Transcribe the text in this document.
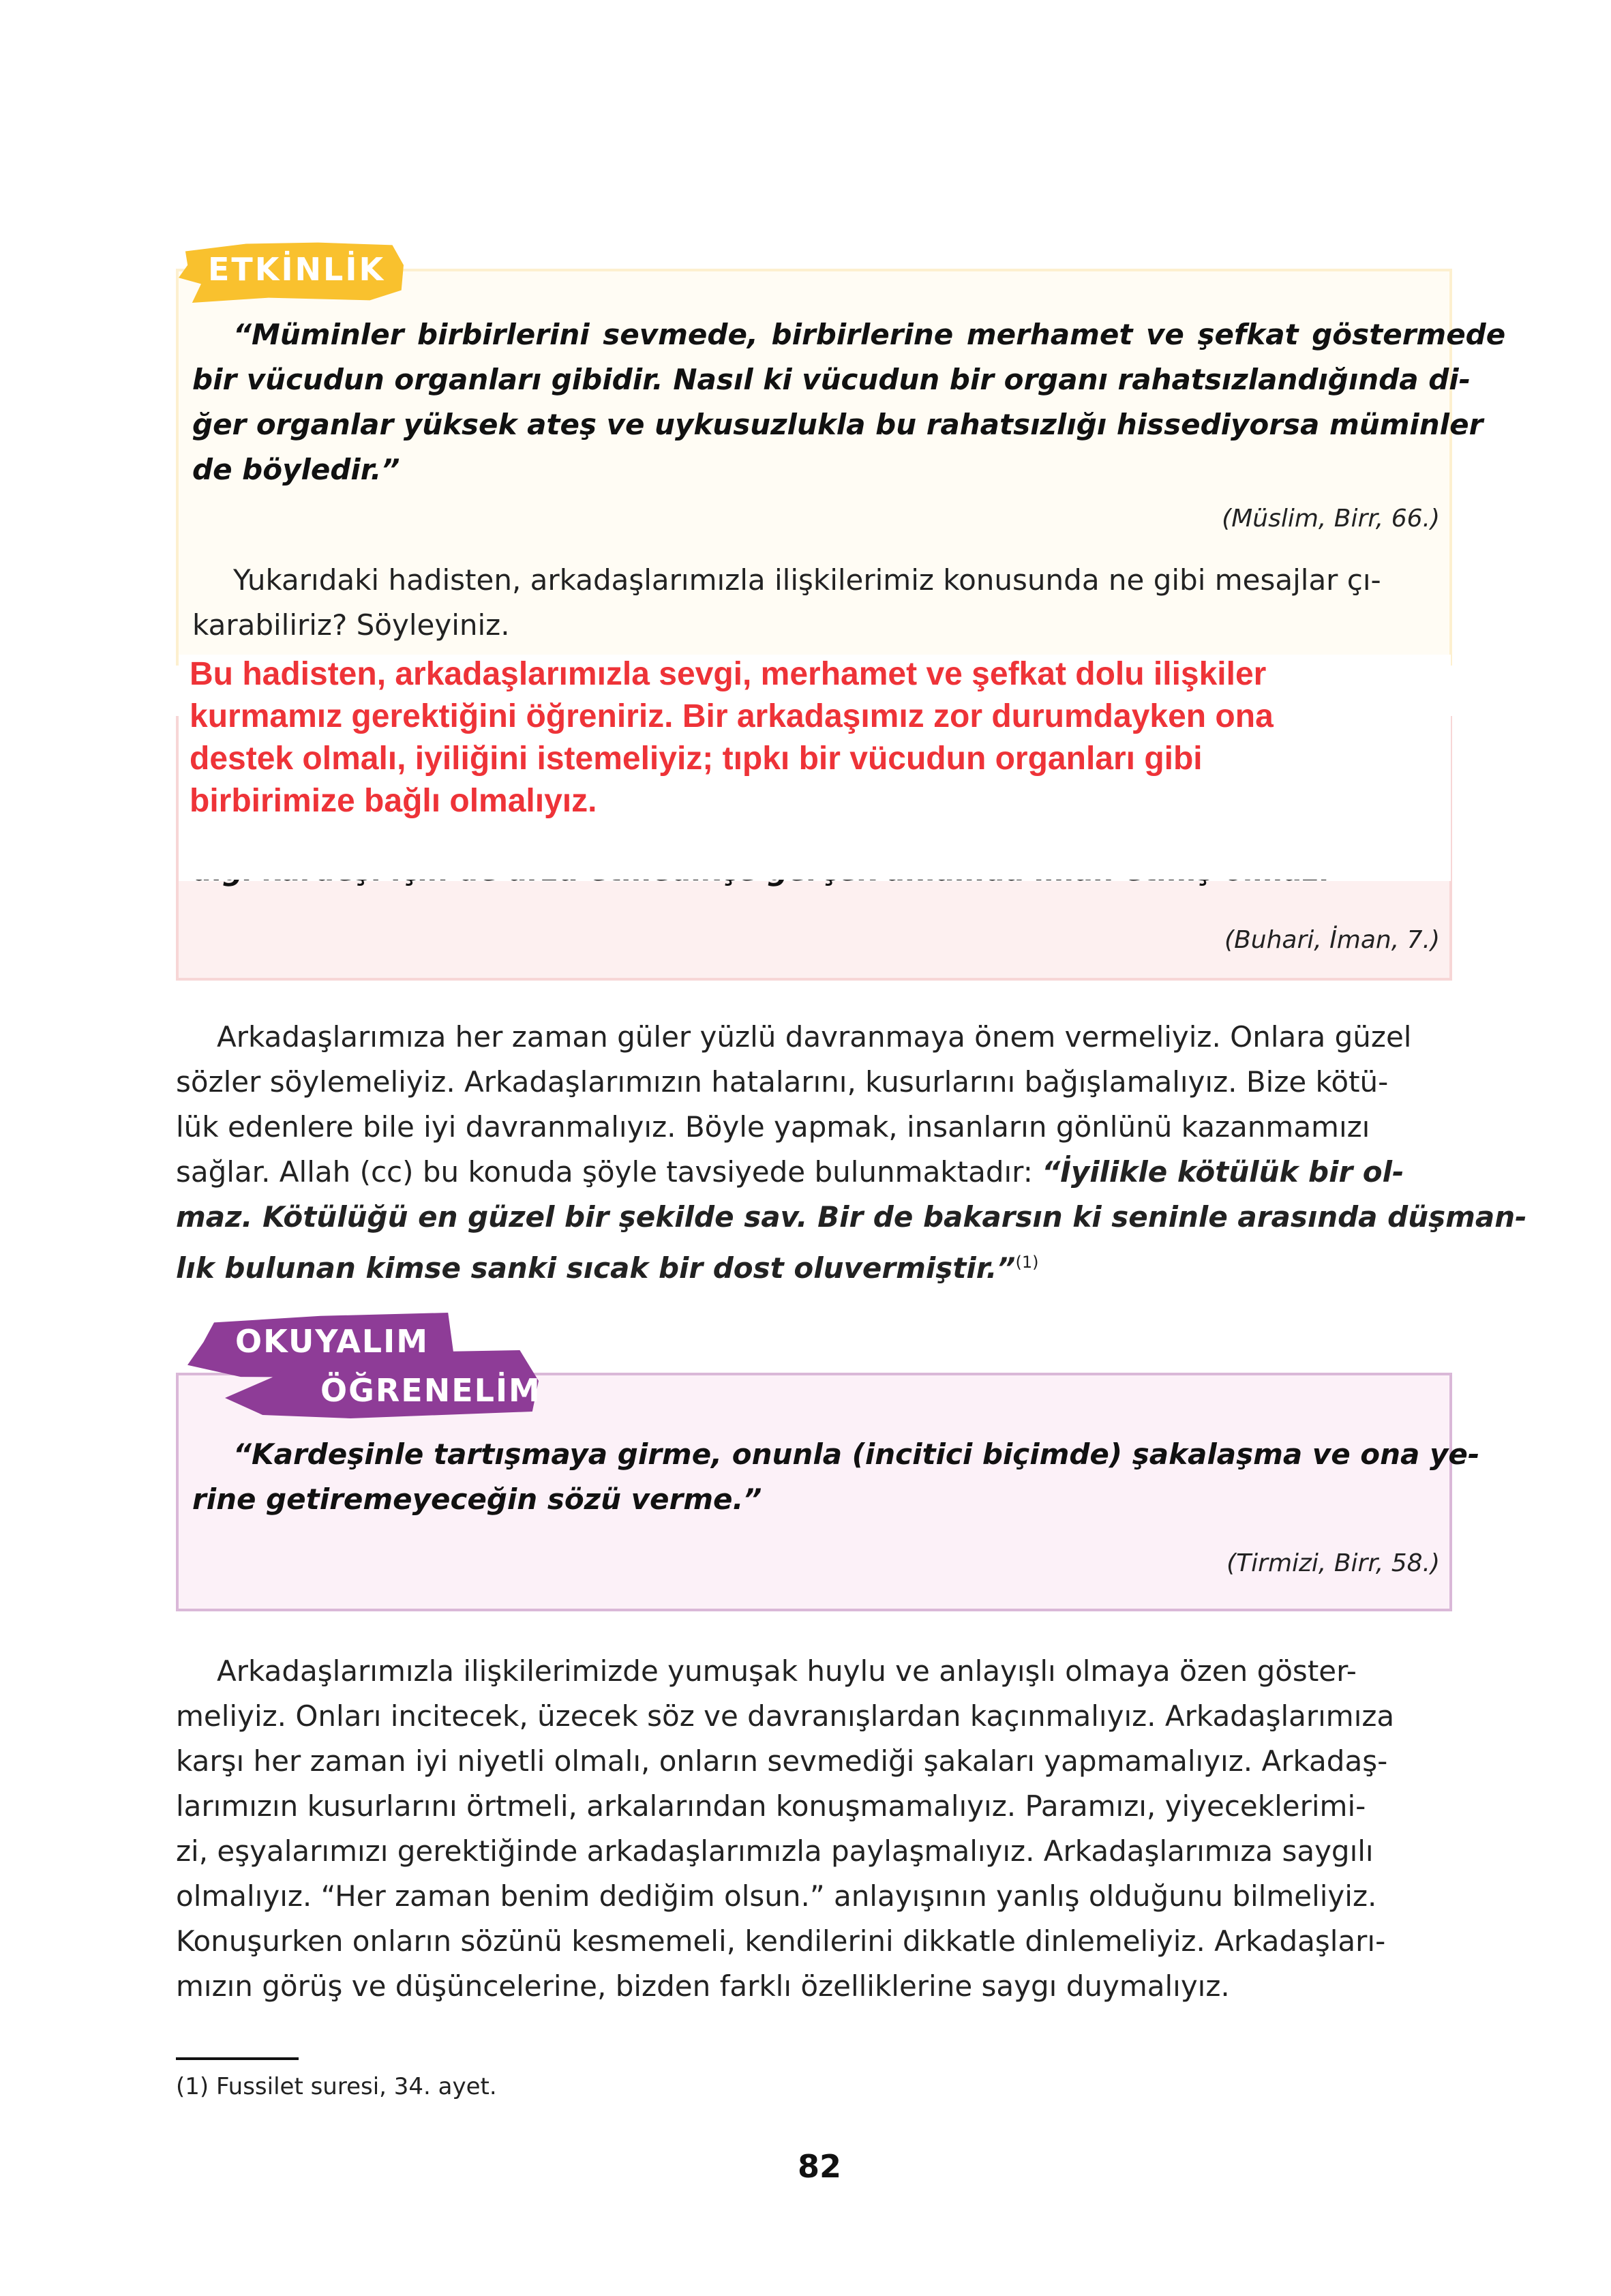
ETKİNLİK
“Müminler birbirlerini sevmede, birbirlerine merhamet ve şefkat göstermede
bir vücudun organları gibidir. Nasıl ki vücudun bir organı rahatsızlandığında di-
ğer organlar yüksek ateş ve uykusuzlukla bu rahatsızlığı hissediyorsa müminler
de böyledir.”
(Müslim, Birr, 66.)
Yukarıdaki hadisten, arkadaşlarımızla ilişkilerimiz konusunda ne gibi mesajlar çı-
karabiliriz? Söyleyiniz.
(Buhari, İman, 7.)
Bu hadisten, arkadaşlarımızla sevgi, merhamet ve şefkat dolu ilişkiler
kurmamız gerektiğini öğreniriz. Bir arkadaşımız zor durumdayken ona
destek olmalı, iyiliğini istemeliyiz; tıpkı bir vücudun organları gibi
birbirimize bağlı olmalıyız.
Arkadaşlarımıza her zaman güler yüzlü davranmaya önem vermeliyiz. Onlara güzel
sözler söylemeliyiz. Arkadaşlarımızın hatalarını, kusurlarını bağışlamalıyız. Bize kötü-
lük edenlere bile iyi davranmalıyız. Böyle yapmak, insanların gönlünü kazanmamızı
sağlar. Allah (cc) bu konuda şöyle tavsiyede bulunmaktadır: “İyilikle kötülük bir ol-
maz. Kötülüğü en güzel bir şekilde sav. Bir de bakarsın ki seninle arasında düşman-
lık bulunan kimse sanki sıcak bir dost oluvermiştir.”$^{(1)}$
OKUYALIM
ÖĞRENELİM
“Kardeşinle tartışmaya girme, onunla (incitici biçimde) şakalaşma ve ona ye-
rine getiremeyeceğin sözü verme.”
(Tirmizi, Birr, 58.)
Arkadaşlarımızla ilişkilerimizde yumuşak huylu ve anlayışlı olmaya özen göster-
meliyiz. Onları incitecek, üzecek söz ve davranışlardan kaçınmalıyız. Arkadaşlarımıza
karşı her zaman iyi niyetli olmalı, onların sevmediği şakaları yapmamalıyız. Arkadaş-
larımızın kusurlarını örtmeli, arkalarından konuşmamalıyız. Paramızı, yiyeceklerimi-
zi, eşyalarımızı gerektiğinde arkadaşlarımızla paylaşmalıyız. Arkadaşlarımıza saygılı
olmalıyız. “Her zaman benim dediğim olsun.” anlayışının yanlış olduğunu bilmeliyiz.
Konuşurken onların sözünü kesmemeli, kendilerini dikkatle dinlemeliyiz. Arkadaşları-
mızın görüş ve düşüncelerine, bizden farklı özelliklerine saygı duymalıyız.
(1) Fussilet suresi, 34. ayet.
82
